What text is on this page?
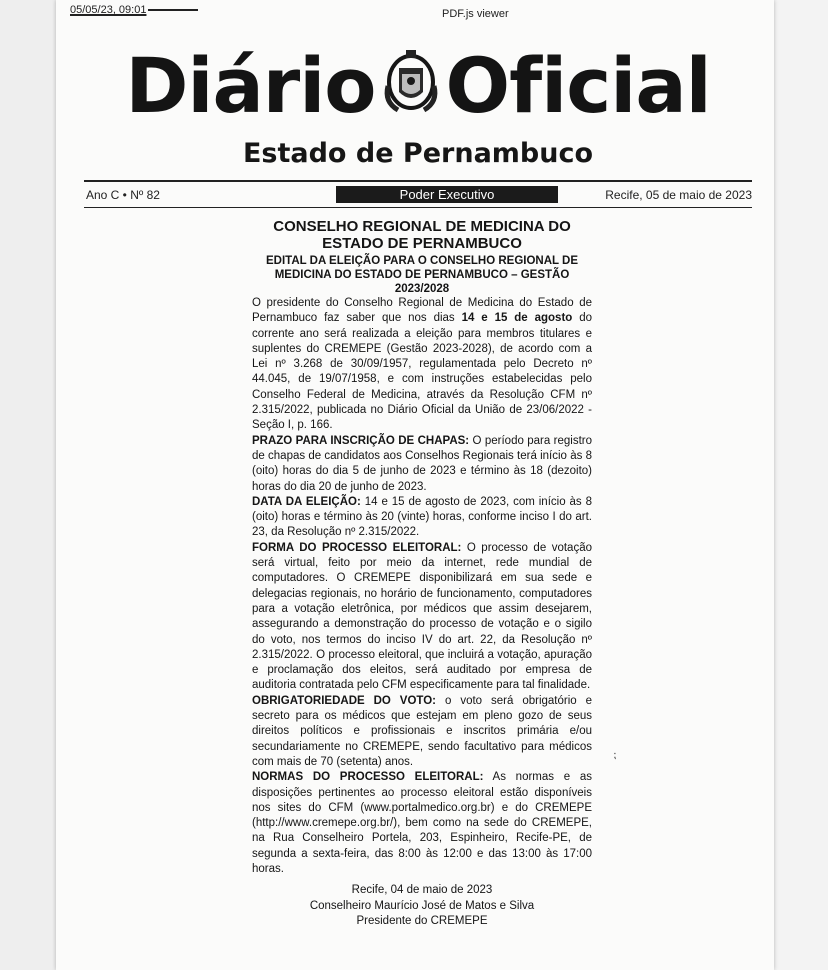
05/05/23, 09:01	PDF.js viewer
Diário Oficial
Estado de Pernambuco
Ano C • Nº 82	Poder Executivo	Recife, 05 de maio de 2023
CONSELHO REGIONAL DE MEDICINA DO ESTADO DE PERNAMBUCO
EDITAL DA ELEIÇÃO PARA O CONSELHO REGIONAL DE MEDICINA DO ESTADO DE PERNAMBUCO – GESTÃO 2023/2028

O presidente do Conselho Regional de Medicina do Estado de Pernambuco faz saber que nos dias 14 e 15 de agosto do corrente ano será realizada a eleição para membros titulares e suplentes do CREMEPE (Gestão 2023-2028), de acordo com a Lei nº 3.268 de 30/09/1957, regulamentada pelo Decreto nº 44.045, de 19/07/1958, e com instruções estabelecidas pelo Conselho Federal de Medicina, através da Resolução CFM nº 2.315/2022, publicada no Diário Oficial da União de 23/06/2022 - Seção I, p. 166.

PRAZO PARA INSCRIÇÃO DE CHAPAS: O período para registro de chapas de candidatos aos Conselhos Regionais terá início às 8 (oito) horas do dia 5 de junho de 2023 e término às 18 (dezoito) horas do dia 20 de junho de 2023.

DATA DA ELEIÇÃO: 14 e 15 de agosto de 2023, com início às 8 (oito) horas e término às 20 (vinte) horas, conforme inciso I do art. 23, da Resolução nº 2.315/2022.

FORMA DO PROCESSO ELEITORAL: O processo de votação será virtual, feito por meio da internet, rede mundial de computadores. O CREMEPE disponibilizará em sua sede e delegacias regionais, no horário de funcionamento, computadores para a votação eletrônica, por médicos que assim desejarem, assegurando a demonstração do processo de votação e o sigilo do voto, nos termos do inciso IV do art. 22, da Resolução nº 2.315/2022. O processo eleitoral, que incluirá a votação, apuração e proclamação dos eleitos, será auditado por empresa de auditoria contratada pelo CFM especificamente para tal finalidade.

OBRIGATORIEDADE DO VOTO: o voto será obrigatório e secreto para os médicos que estejam em pleno gozo de seus direitos políticos e profissionais e inscritos primária e/ou secundariamente no CREMEPE, sendo facultativo para médicos com mais de 70 (setenta) anos.

NORMAS DO PROCESSO ELEITORAL: As normas e as disposições pertinentes ao processo eleitoral estão disponíveis nos sites do CFM (www.portalmedico.org.br) e do CREMEPE (http://www.cremepe.org.br/), bem como na sede do CREMEPE, na Rua Conselheiro Portela, 203, Espinheiro, Recife-PE, de segunda a sexta-feira, das 8:00 às 12:00 e das 13:00 às 17:00 horas.

Recife, 04 de maio de 2023

Conselheiro Maurício José de Matos e Silva

Presidente do CREMEPE

⁏
